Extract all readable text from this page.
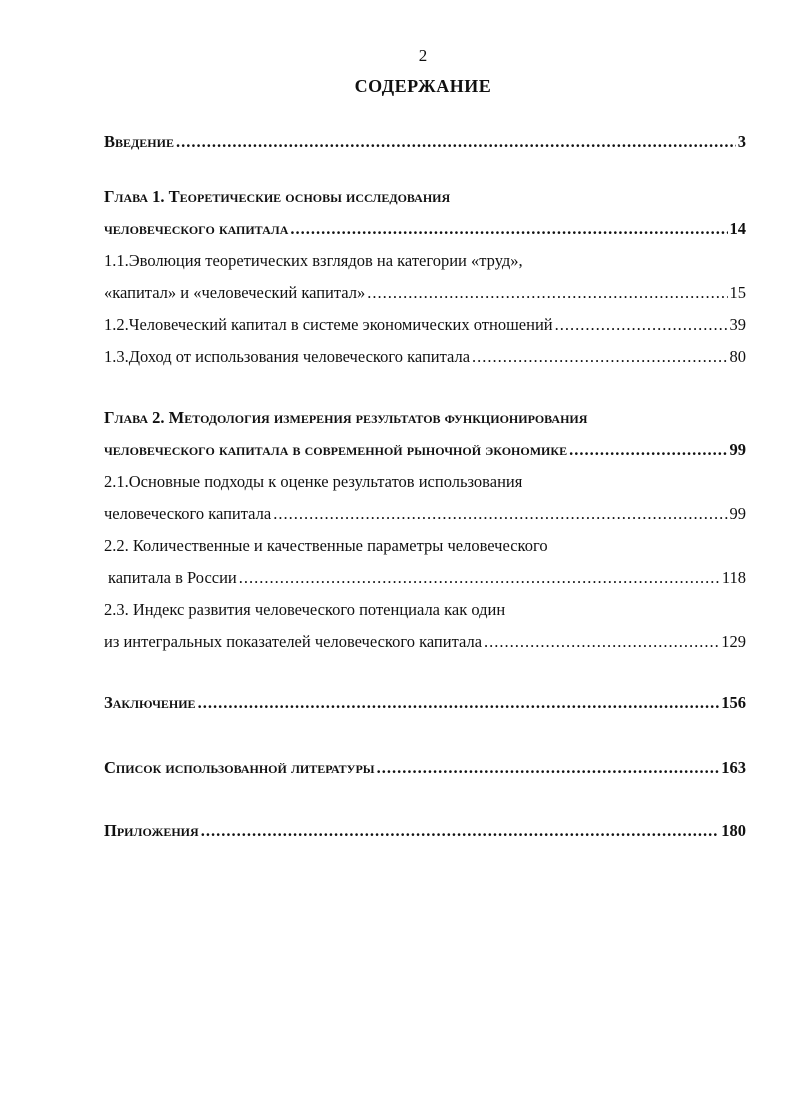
2
СОДЕРЖАНИЕ
Введение .....	3
Глава 1. Теоретические основы исследования
человеческого капитала .....	14
1.1.Эволюция теоретических взглядов на категории «труд»,
«капитал» и «человеческий капитал» .....	15
1.2.Человеческий капитал в системе экономических отношений .....	39
1.3.Доход от использования человеческого капитала .....	80
Глава 2. Методология измерения результатов функционирования
человеческого капитала в современной рыночной экономике .....	99
2.1.Основные подходы к оценке результатов использования
человеческого капитала .....	99
2.2. Количественные и качественные параметры человеческого
капитала в России .....	118
2.3. Индекс развития человеческого потенциала как один
из интегральных показателей человеческого капитала .....	129
Заключение .....	156
Список использованной литературы .....	163
Приложения .....	180
